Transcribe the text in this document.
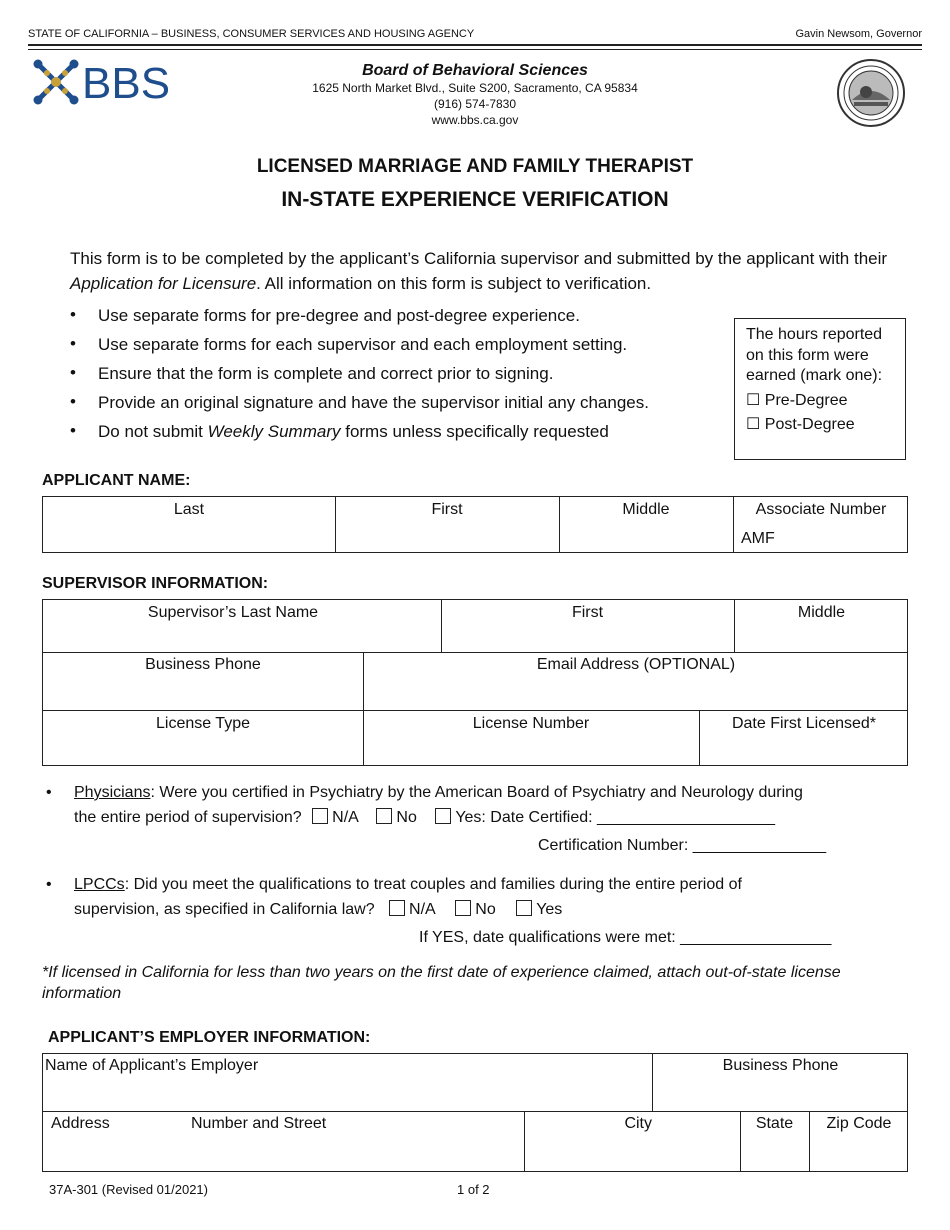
STATE OF CALIFORNIA – BUSINESS, CONSUMER SERVICES AND HOUSING AGENCY	Gavin Newsom, Governor
BBS	Board of Behavioral Sciences
1625 North Market Blvd., Suite S200, Sacramento, CA 95834
(916) 574-7830
www.bbs.ca.gov
LICENSED MARRIAGE AND FAMILY THERAPIST
IN-STATE EXPERIENCE VERIFICATION
This form is to be completed by the applicant’s California supervisor and submitted by the applicant with their Application for Licensure. All information on this form is subject to verification.
• Use separate forms for pre-degree and post-degree experience.
• Use separate forms for each supervisor and each employment setting.
• Ensure that the form is complete and correct prior to signing.
• Provide an original signature and have the supervisor initial any changes.
• Do not submit Weekly Summary forms unless specifically requested
The hours reported on this form were earned (mark one):
☐ Pre-Degree
☐ Post-Degree
APPLICANT NAME:
Last	First	Middle	Associate Number
AMF
SUPERVISOR INFORMATION:
Supervisor’s Last Name	First	Middle
Business Phone	Email Address (OPTIONAL)
License Type	License Number	Date First Licensed*
• Physicians: Were you certified in Psychiatry by the American Board of Psychiatry and Neurology during
the entire period of supervision? N/A No Yes: Date Certified: ____________________
Certification Number: _______________
• LPCCs: Did you meet the qualifications to treat couples and families during the entire period of
supervision, as specified in California law? N/A	No	Yes
If YES, date qualifications were met: _________________
*If licensed in California for less than two years on the first date of experience claimed, attach out-of-state license information
APPLICANT’S EMPLOYER INFORMATION:
Name of Applicant’s Employer	Business Phone
Address	Number and Street	City	State	Zip Code
37A-301 (Revised 01/2021)	1 of 2
